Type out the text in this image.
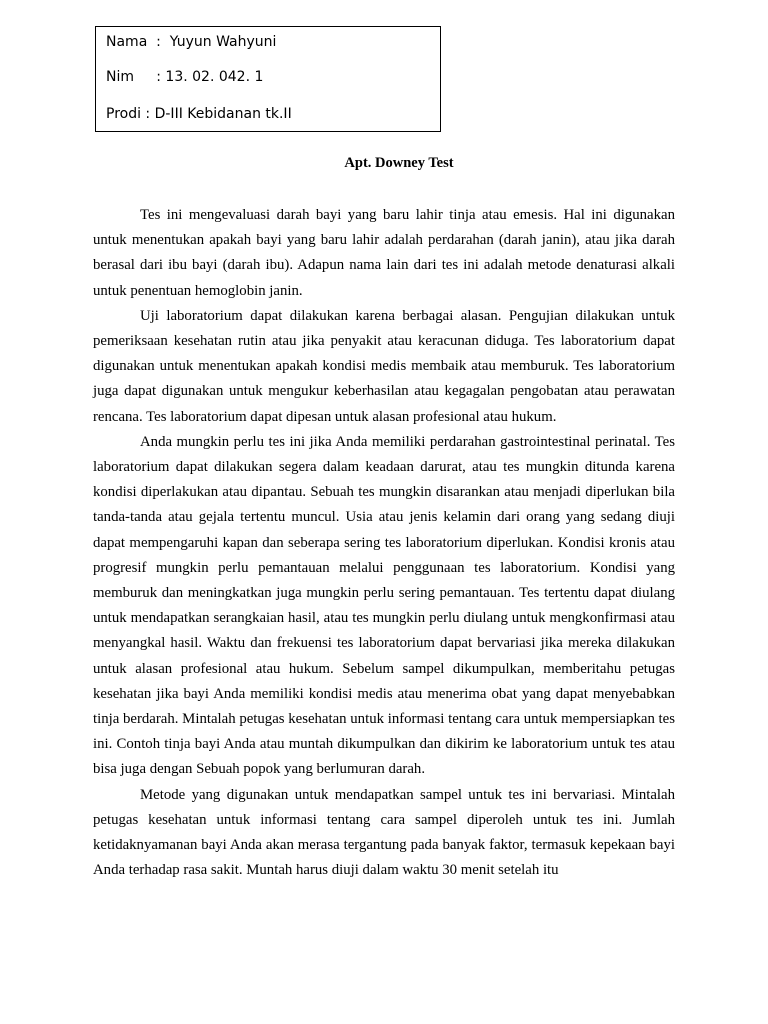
Nama  :  Yuyun Wahyuni
Nim     : 13. 02. 042. 1
Prodi : D-III Kebidanan tk.II
Apt. Downey Test

Tes ini mengevaluasi darah bayi yang baru lahir tinja atau emesis. Hal ini digunakan untuk menentukan apakah bayi yang baru lahir adalah perdarahan (darah janin), atau jika darah berasal dari ibu bayi (darah ibu). Adapun nama lain dari tes ini adalah metode denaturasi alkali untuk penentuan hemoglobin janin.

Uji laboratorium dapat dilakukan karena berbagai alasan. Pengujian dilakukan untuk pemeriksaan kesehatan rutin atau jika penyakit atau keracunan diduga. Tes laboratorium dapat digunakan untuk menentukan apakah kondisi medis membaik atau memburuk. Tes laboratorium juga dapat digunakan untuk mengukur keberhasilan atau kegagalan pengobatan atau perawatan rencana. Tes laboratorium dapat dipesan untuk alasan profesional atau hukum.

Anda mungkin perlu tes ini jika Anda memiliki perdarahan gastrointestinal perinatal. Tes laboratorium dapat dilakukan segera dalam keadaan darurat, atau tes mungkin ditunda karena kondisi diperlakukan atau dipantau. Sebuah tes mungkin disarankan atau menjadi diperlukan bila tanda-tanda atau gejala tertentu muncul. Usia atau jenis kelamin dari orang yang sedang diuji dapat mempengaruhi kapan dan seberapa sering tes laboratorium diperlukan. Kondisi kronis atau progresif mungkin perlu pemantauan melalui penggunaan tes laboratorium. Kondisi yang memburuk dan meningkatkan juga mungkin perlu sering pemantauan. Tes tertentu dapat diulang untuk mendapatkan serangkaian hasil, atau tes mungkin perlu diulang untuk mengkonfirmasi atau menyangkal hasil. Waktu dan frekuensi tes laboratorium dapat bervariasi jika mereka dilakukan untuk alasan profesional atau hukum. Sebelum sampel dikumpulkan, memberitahu petugas kesehatan jika bayi Anda memiliki kondisi medis atau menerima obat yang dapat menyebabkan tinja berdarah. Mintalah petugas kesehatan untuk informasi tentang cara untuk mempersiapkan tes ini. Contoh tinja bayi Anda atau muntah dikumpulkan dan dikirim ke laboratorium untuk tes atau bisa juga dengan Sebuah popok yang berlumuran darah.

Metode yang digunakan untuk mendapatkan sampel untuk tes ini bervariasi. Mintalah petugas kesehatan untuk informasi tentang cara sampel diperoleh untuk tes ini. Jumlah ketidaknyamanan bayi Anda akan merasa tergantung pada banyak faktor, termasuk kepekaan bayi Anda terhadap rasa sakit. Muntah harus diuji dalam waktu 30 menit setelah itu
